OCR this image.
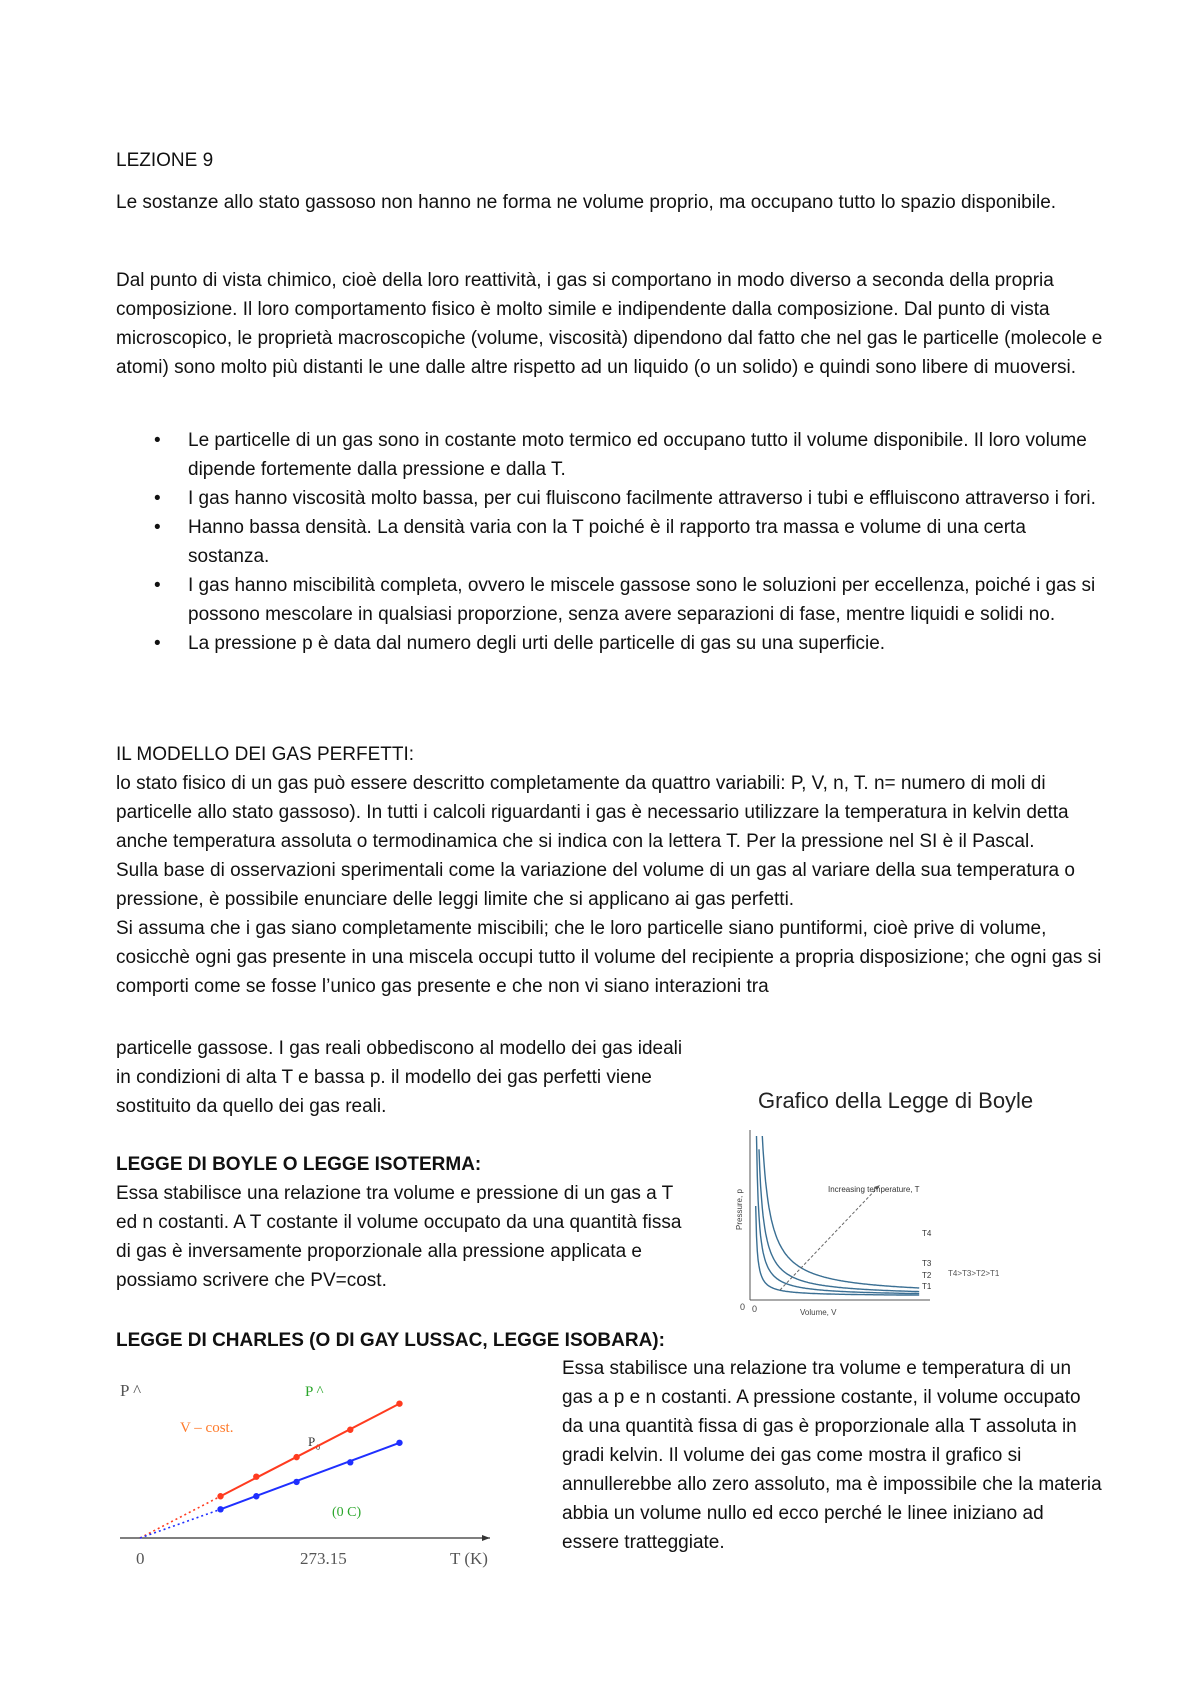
LEZIONE 9

Le sostanze allo stato gassoso non hanno ne forma ne volume proprio, ma occupano tutto lo spazio disponibile.

Dal punto di vista chimico, cioè della loro reattività, i gas si comportano in modo diverso a seconda della propria composizione. Il loro comportamento fisico è molto simile e indipendente dalla composizione. Dal punto di vista microscopico, le proprietà macroscopiche (volume, viscosità) dipendono dal fatto che nel gas le particelle (molecole e atomi) sono molto più distanti le une dalle altre rispetto ad un liquido (o un solido) e quindi sono libere di muoversi.

• Le particelle di un gas sono in costante moto termico ed occupano tutto il volume disponibile. Il loro volume dipende fortemente dalla pressione e dalla T.
• I gas hanno viscosità molto bassa, per cui fluiscono facilmente attraverso i tubi e effluiscono attraverso i fori.
• Hanno bassa densità. La densità varia con la T poiché è il rapporto tra massa e volume di una certa sostanza.
• I gas hanno miscibilità completa, ovvero le miscele gassose sono le soluzioni per eccellenza, poiché i gas si possono mescolare in qualsiasi proporzione, senza avere separazioni di fase, mentre liquidi e solidi no.
• La pressione p è data dal numero degli urti delle particelle di gas su una superficie.
IL MODELLO DEI GAS PERFETTI:
lo stato fisico di un gas può essere descritto completamente da quattro variabili: P, V, n, T. n= numero di moli di particelle allo stato gassoso). In tutti i calcoli riguardanti i gas è necessario utilizzare la temperatura in kelvin detta anche temperatura assoluta o termodinamica che si indica con la lettera T. Per la pressione nel SI è il Pascal.
Sulla base di osservazioni sperimentali come la variazione del volume di un gas al variare della sua temperatura o pressione, è possibile enunciare delle leggi limite che si applicano ai gas perfetti.
Si assuma che i gas siano completamente miscibili; che le loro particelle siano puntiformi, cioè prive di volume, cosicchè ogni gas presente in una miscela occupi tutto il volume del recipiente a propria disposizione; che ogni gas si comporti come se fosse l’unico gas presente e che non vi siano interazioni tra
particelle gassose. I gas reali obbediscono al modello dei gas ideali in condizioni di alta T e bassa p. il modello dei gas perfetti viene sostituito da quello dei gas reali.
LEGGE DI BOYLE O LEGGE ISOTERMA:
Essa stabilisce una relazione tra volume e pressione di un gas a T ed n costanti. A T costante il volume occupato da una quantità fissa di gas è inversamente proporzionale alla pressione applicata e possiamo scrivere che PV=cost.
LEGGE DI CHARLES (O DI GAY LUSSAC, LEGGE ISOBARA):
Essa stabilisce una relazione tra volume e temperatura di un gas a p e n costanti. A pressione costante, il volume occupato da una quantità fissa di gas è proporzionale alla T assoluta in gradi kelvin. Il volume dei gas come mostra il grafico si annullerebbe allo zero assoluto, ma è impossibile che la materia abbia un volume nullo ed ecco perché le linee iniziano ad essere tratteggiate.
Grafico della Legge di Boyle
0 0
Pressure, p
Volume, V
T4
T3
T2
T1
Increasing temperature, T
T4>T3>T2>T1
0	273.15	T (K)
P ^
V – cost.
P ^
P 0
(0 C)
